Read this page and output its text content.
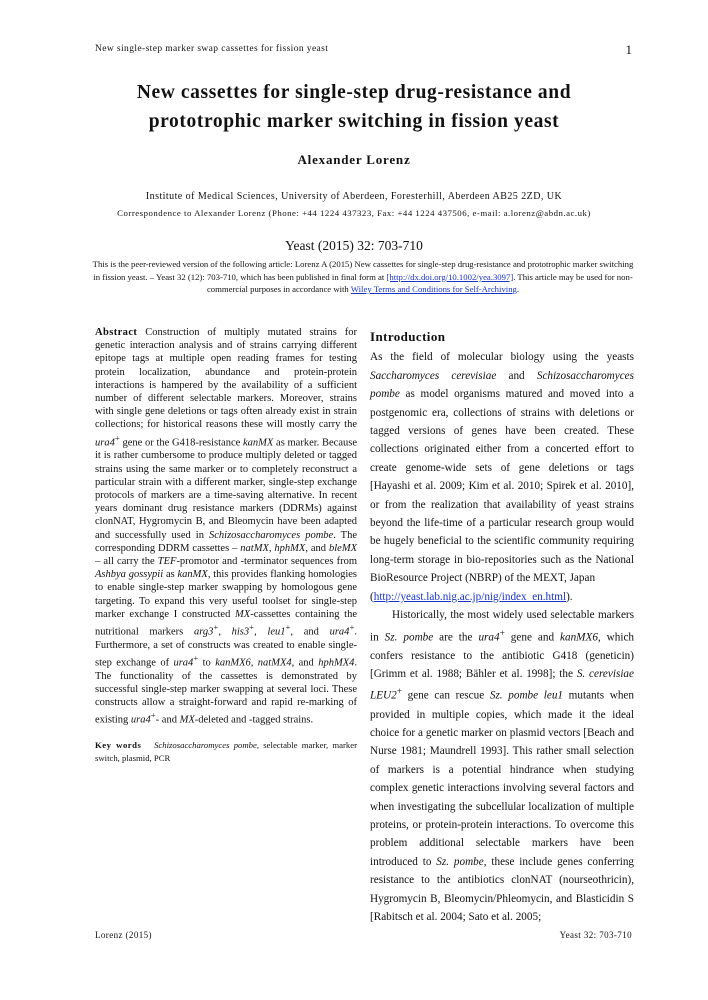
New single-step marker swap cassettes for fission yeast	1
New cassettes for single-step drug-resistance and
prototrophic marker switching in fission yeast
Alexander Lorenz
Institute of Medical Sciences, University of Aberdeen, Foresterhill, Aberdeen AB25 2ZD, UK
Correspondence to Alexander Lorenz (Phone: +44 1224 437323, Fax: +44 1224 437506, e-mail: a.lorenz@abdn.ac.uk)
Yeast (2015) 32: 703-710
This is the peer-reviewed version of the following article: Lorenz A (2015) New cassettes for single-step drug-resistance and prototrophic marker switching in fission yeast. – Yeast 32 (12): 703-710, which has been published in final form at [http://dx.doi.org/10.1002/yea.3097]. This article may be used for non-commercial purposes in accordance with Wiley Terms and Conditions for Self-Archiving.
Abstract Construction of multiply mutated strains for genetic interaction analysis and of strains carrying different epitope tags at multiple open reading frames for testing protein localization, abundance and protein-protein interactions is hampered by the availability of a sufficient number of different selectable markers. Moreover, strains with single gene deletions or tags often already exist in strain collections; for historical reasons these will mostly carry the ura4+ gene or the G418-resistance kanMX as marker. Because it is rather cumbersome to produce multiply deleted or tagged strains using the same marker or to completely reconstruct a particular strain with a different marker, single-step exchange protocols of markers are a time-saving alternative. In recent years dominant drug resistance markers (DDRMs) against clonNAT, Hygromycin B, and Bleomycin have been adapted and successfully used in Schizosaccharomyces pombe. The corresponding DDRM cassettes – natMX, hphMX, and bleMX – all carry the TEF-promotor and -terminator sequences from Ashbya gossypii as kanMX, this provides flanking homologies to enable single-step marker swapping by homologous gene targeting. To expand this very useful toolset for single-step marker exchange I constructed MX-cassettes containing the nutritional markers arg3+, his3+, leu1+, and ura4+. Furthermore, a set of constructs was created to enable single-step exchange of ura4+ to kanMX6, natMX4, and hphMX4. The functionality of the cassettes is demonstrated by successful single-step marker swapping at several loci. These constructs allow a straight-forward and rapid re-marking of existing ura4+- and MX-deleted and -tagged strains.
Key words Schizosaccharomyces pombe, selectable marker, marker switch, plasmid, PCR
Introduction

As the field of molecular biology using the yeasts Saccharomyces cerevisiae and Schizosaccharomyces pombe as model organisms matured and moved into a postgenomic era, collections of strains with deletions or tagged versions of genes have been created. These collections originated either from a concerted effort to create genome-wide sets of gene deletions or tags [Hayashi et al. 2009; Kim et al. 2010; Spirek et al. 2010], or from the realization that availability of yeast strains beyond the life-time of a particular research group would be hugely beneficial to the scientific community requiring long-term storage in bio-repositories such as the National BioResource Project (NBRP) of the MEXT, Japan
(http://yeast.lab.nig.ac.jp/nig/index_en.html).

Historically, the most widely used selectable markers in Sz. pombe are the ura4+ gene and kanMX6, which confers resistance to the antibiotic G418 (geneticin) [Grimm et al. 1988; Bähler et al. 1998]; the S. cerevisiae LEU2+ gene can rescue Sz. pombe leu1 mutants when provided in multiple copies, which made it the ideal choice for a genetic marker on plasmid vectors [Beach and Nurse 1981; Maundrell 1993]. This rather small selection of markers is a potential hindrance when studying complex genetic interactions involving several factors and when investigating the subcellular localization of multiple proteins, or protein-protein interactions. To overcome this problem additional selectable markers have been introduced to Sz. pombe, these include genes conferring resistance to the antibiotics clonNAT (nourseothricin), Hygromycin B, Bleomycin/Phleomycin, and Blasticidin S [Rabitsch et al. 2004; Sato et al. 2005;

Lorenz (2015)	Yeast 32: 703-710
